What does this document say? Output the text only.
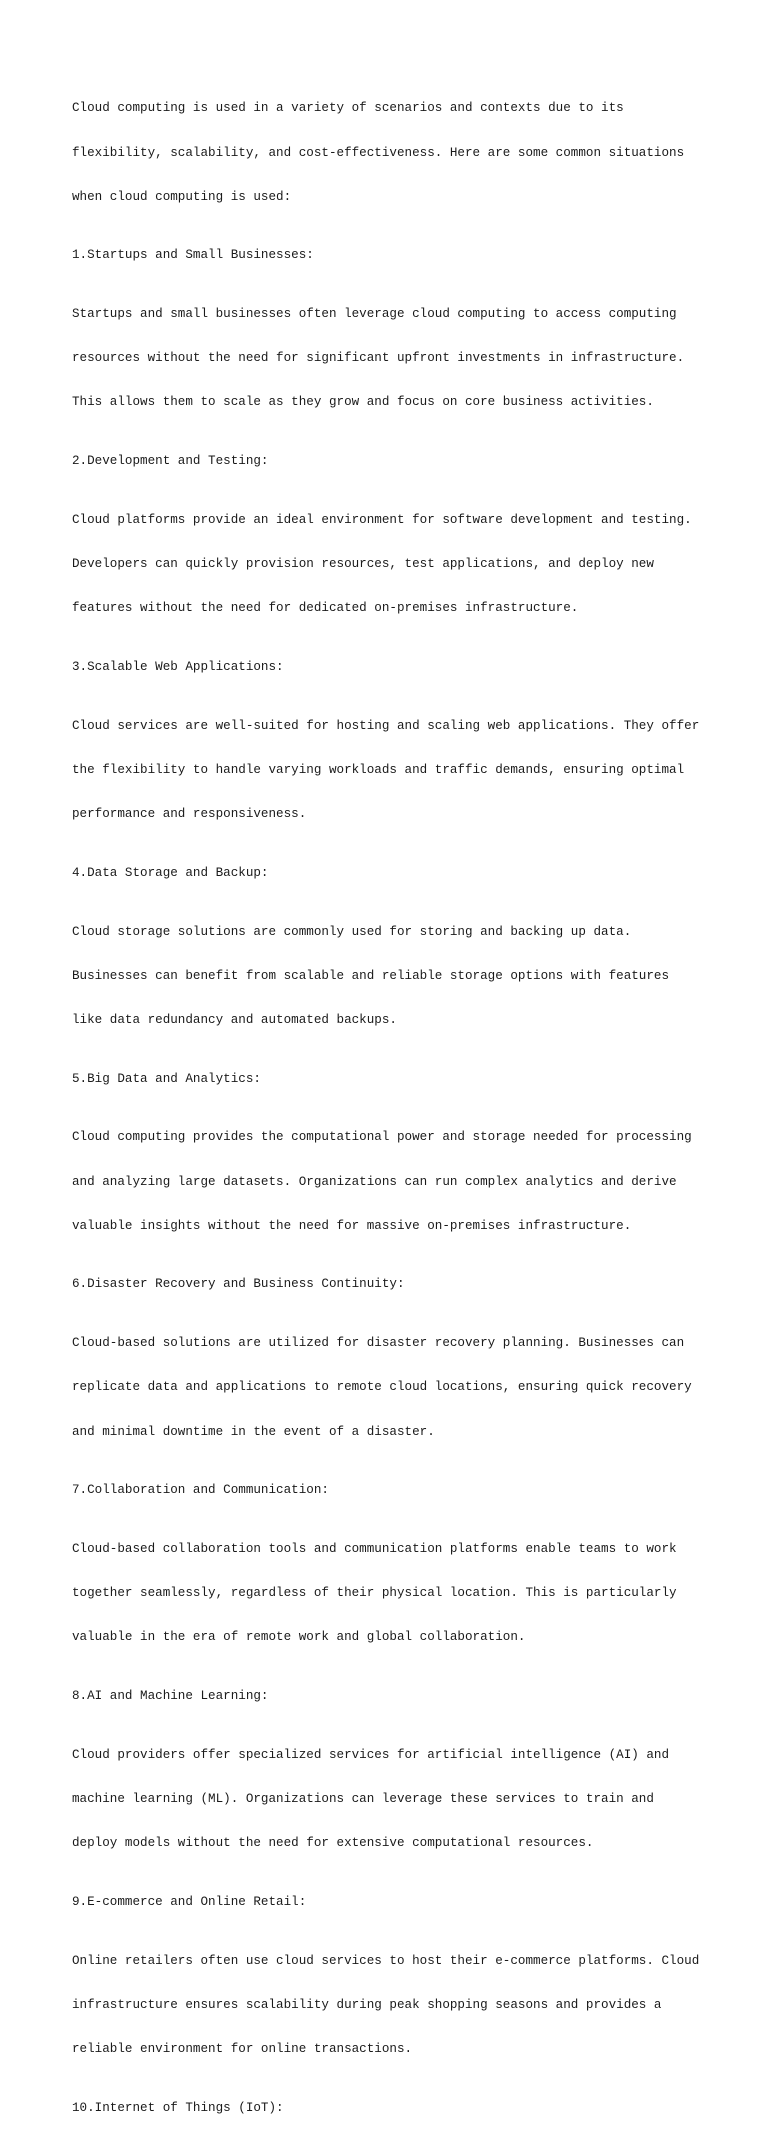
Cloud computing is used in a variety of scenarios and contexts due to its

flexibility, scalability, and cost-effectiveness. Here are some common situations

when cloud computing is used:

1.Startups and Small Businesses:

Startups and small businesses often leverage cloud computing to access computing

resources without the need for significant upfront investments in infrastructure.

This allows them to scale as they grow and focus on core business activities.

2.Development and Testing:

Cloud platforms provide an ideal environment for software development and testing.

Developers can quickly provision resources, test applications, and deploy new

features without the need for dedicated on-premises infrastructure.

3.Scalable Web Applications:

Cloud services are well-suited for hosting and scaling web applications. They offer

the flexibility to handle varying workloads and traffic demands, ensuring optimal

performance and responsiveness.

4.Data Storage and Backup:

Cloud storage solutions are commonly used for storing and backing up data.

Businesses can benefit from scalable and reliable storage options with features

like data redundancy and automated backups.

5.Big Data and Analytics:

Cloud computing provides the computational power and storage needed for processing

and analyzing large datasets. Organizations can run complex analytics and derive

valuable insights without the need for massive on-premises infrastructure.

6.Disaster Recovery and Business Continuity:

Cloud-based solutions are utilized for disaster recovery planning. Businesses can

replicate data and applications to remote cloud locations, ensuring quick recovery

and minimal downtime in the event of a disaster.

7.Collaboration and Communication:

Cloud-based collaboration tools and communication platforms enable teams to work

together seamlessly, regardless of their physical location. This is particularly

valuable in the era of remote work and global collaboration.

8.AI and Machine Learning:

Cloud providers offer specialized services for artificial intelligence (AI) and

machine learning (ML). Organizations can leverage these services to train and

deploy models without the need for extensive computational resources.

9.E-commerce and Online Retail:

Online retailers often use cloud services to host their e-commerce platforms. Cloud

infrastructure ensures scalability during peak shopping seasons and provides a

reliable environment for online transactions.

10.Internet of Things (IoT):
